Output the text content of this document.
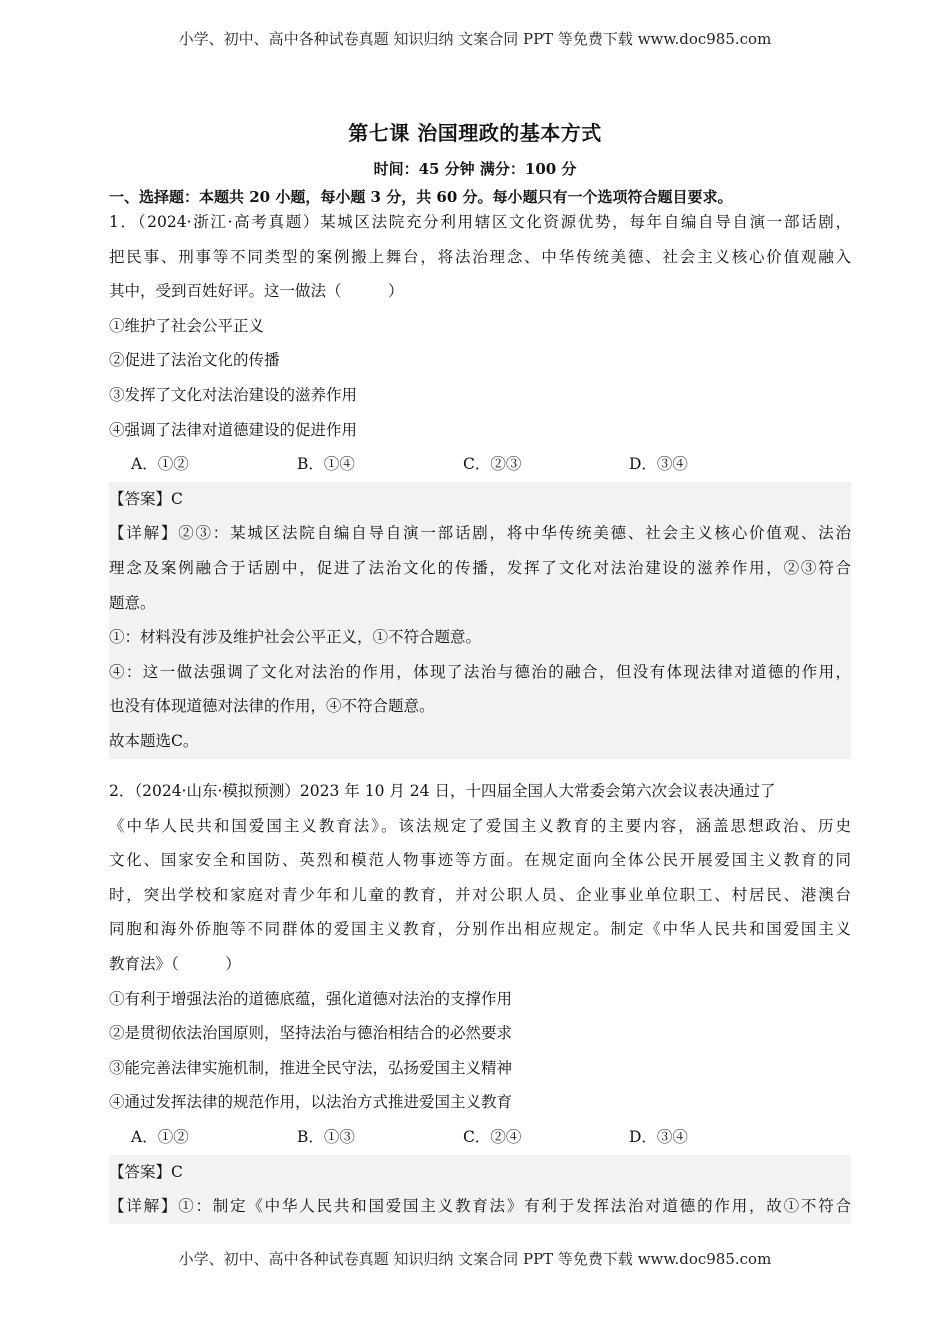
小学、初中、高中各种试卷真题 知识归纳 文案合同 PPT 等免费下载 www.doc985.com
第七课 治国理政的基本方式
时间：45 分钟 满分：100 分
一、选择题：本题共 20 小题，每小题 3 分，共 60 分。每小题只有一个选项符合题目要求。
1．（2024·浙江·高考真题）某城区法院充分利用辖区文化资源优势，每年自编自导自演一部话剧，
把民事、刑事等不同类型的案例搬上舞台，将法治理念、中华传统美德、社会主义核心价值观融入
其中，受到百姓好评。这一做法（　　　）
①维护了社会公平正义
②促进了法治文化的传播
③发挥了文化对法治建设的滋养作用
④强调了法律对道德建设的促进作用
A．①②	B．①④	C．②③	D．③④
【答案】C
【详解】②③：某城区法院自编自导自演一部话剧，将中华传统美德、社会主义核心价值观、法治
理念及案例融合于话剧中，促进了法治文化的传播，发挥了文化对法治建设的滋养作用，②③符合
题意。
①：材料没有涉及维护社会公平正义，①不符合题意。
④：这一做法强调了文化对法治的作用，体现了法治与德治的融合，但没有体现法律对道德的作用，
也没有体现道德对法律的作用，④不符合题意。
故本题选C。
2．（2024·山东·模拟预测）2023 年 10 月 24 日，十四届全国人大常委会第六次会议表决通过了
《中华人民共和国爱国主义教育法》。该法规定了爱国主义教育的主要内容，涵盖思想政治、历史
文化、国家安全和国防、英烈和模范人物事迹等方面。在规定面向全体公民开展爱国主义教育的同
时，突出学校和家庭对青少年和儿童的教育，并对公职人员、企业事业单位职工、村居民、港澳台
同胞和海外侨胞等不同群体的爱国主义教育，分别作出相应规定。制定《中华人民共和国爱国主义
教育法》（　　　）
①有利于增强法治的道德底蕴，强化道德对法治的支撑作用
②是贯彻依法治国原则，坚持法治与德治相结合的必然要求
③能完善法律实施机制，推进全民守法，弘扬爱国主义精神
④通过发挥法律的规范作用，以法治方式推进爱国主义教育
A．①②	B．①③	C．②④	D．③④
【答案】C
【详解】①：制定《中华人民共和国爱国主义教育法》有利于发挥法治对道德的作用，故①不符合
小学、初中、高中各种试卷真题 知识归纳 文案合同 PPT 等免费下载 www.doc985.com
